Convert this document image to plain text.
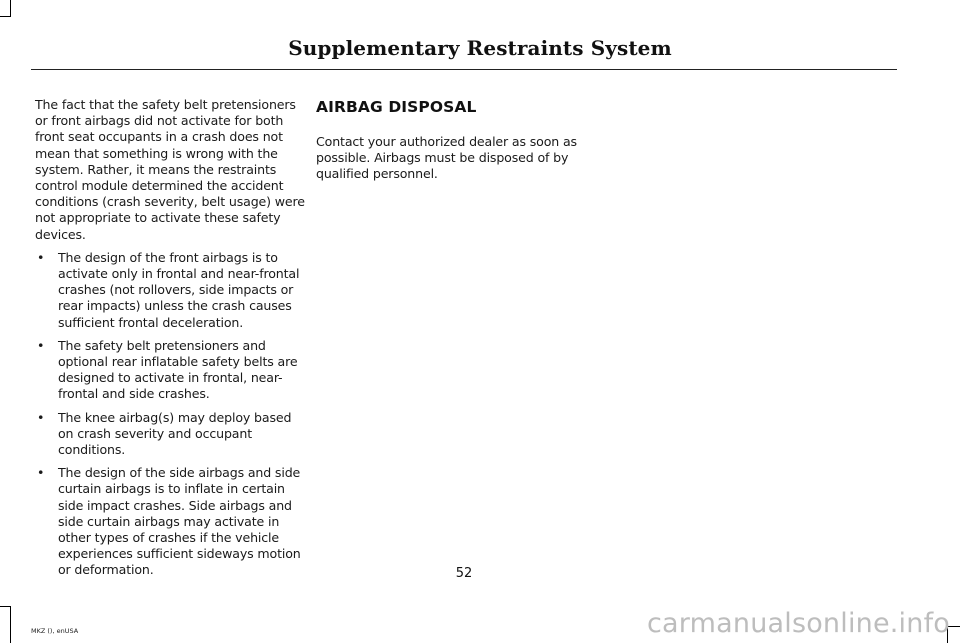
Supplementary Restraints System

The fact that the safety belt pretensioners or front airbags did not activate for both front seat occupants in a crash does not mean that something is wrong with the system. Rather, it means the restraints control module determined the accident conditions (crash severity, belt usage) were not appropriate to activate these safety devices.

• The design of the front airbags is to activate only in frontal and near-frontal crashes (not rollovers, side impacts or rear impacts) unless the crash causes sufficient frontal deceleration.
• The safety belt pretensioners and optional rear inflatable safety belts are designed to activate in frontal, near-frontal and side crashes.
• The knee airbag(s) may deploy based on crash severity and occupant conditions.
• The design of the side airbags and side curtain airbags is to inflate in certain side impact crashes. Side airbags and side curtain airbags may activate in other types of crashes if the vehicle experiences sufficient sideways motion or deformation.
AIRBAG DISPOSAL

Contact your authorized dealer as soon as possible. Airbags must be disposed of by qualified personnel.

52
MKZ (), enUSA	carmanualsonline.info
